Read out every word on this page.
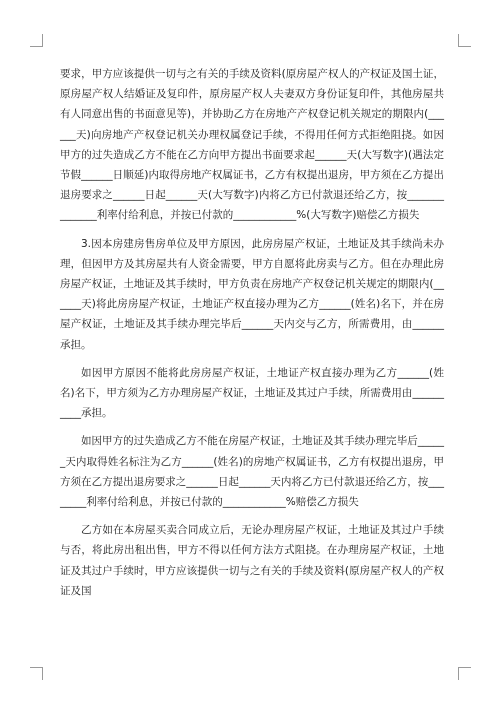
要求，甲方应该提供一切与之有关的手续及资料(原房屋产权人的产权证及国土证，原房屋产权人结婚证及复印件，原房屋产权人夫妻双方身份证复印件，其他房屋共有人同意出售的书面意见等)，并协助乙方在房地产产权登记机关规定的期限内(______天)向房地产产权登记机关办理权属登记手续，不得用任何方式拒绝阻挠。如因甲方的过失造成乙方不能在乙方向甲方提出书面要求起______天(大写数字)(遇法定节假______日顺延)内取得房地产权属证书，乙方有权提出退房，甲方须在乙方提出退房要求之______日起______天(大写数字)内将乙方已付款退还给乙方，按______________利率付给利息，并按已付款的____________%(大写数字)赔偿乙方损失

3.因本房建房售房单位及甲方原因，此房房屋产权证，土地证及其手续尚未办理，但因甲方及其房屋共有人资金需要，甲方自愿将此房卖与乙方。但在办理此房房屋产权证，土地证及其手续时，甲方负责在房地产产权登记机关规定的期限内(______天)将此房房屋产权证，土地证产权直接办理为乙方______(姓名)名下，并在房屋产权证，土地证及其手续办理完毕后______天内交与乙方，所需费用，由______承担。

如因甲方原因不能将此房房屋产权证，土地证产权直接办理为乙方______(姓名)名下，甲方须为乙方办理房屋产权证，土地证及其过户手续，所需费用由__________承担。

如因甲方的过失造成乙方不能在房屋产权证，土地证及其手续办理完毕后______天内取得姓名标注为乙方______(姓名)的房地产权属证书，乙方有权提出退房，甲方须在乙方提出退房要求之______日起______天内将乙方已付款退还给乙方，按________利率付给利息，并按已付款的____________%赔偿乙方损失

乙方如在本房屋买卖合同成立后，无论办理房屋产权证，土地证及其过户手续与否，将此房出租出售，甲方不得以任何方法方式阻挠。在办理房屋产权证，土地证及其过户手续时，甲方应该提供一切与之有关的手续及资料(原房屋产权人的产权证及国
